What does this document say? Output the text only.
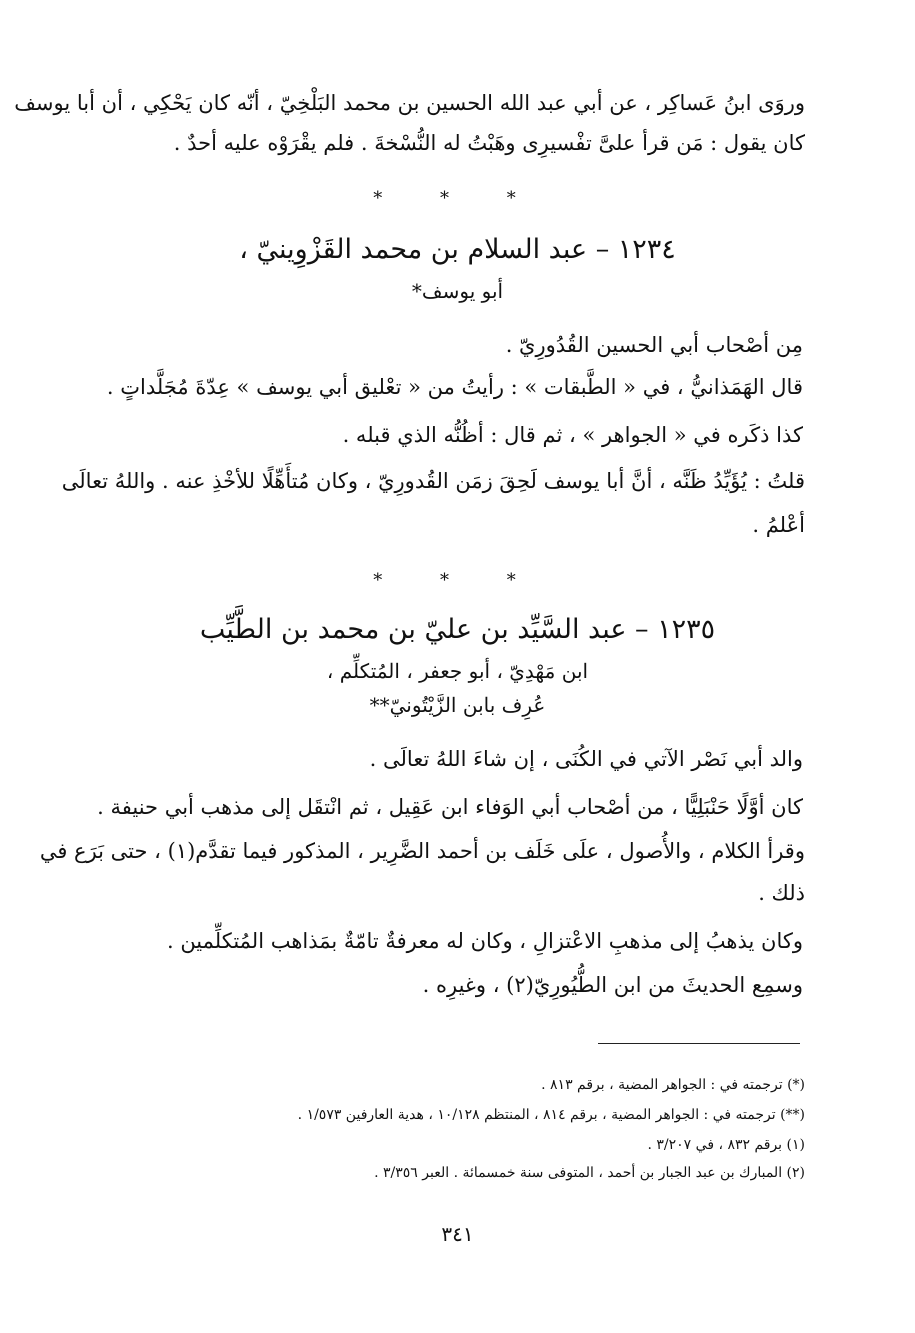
وروَى ابنُ عَساكِر ، عن أبي عبد الله الحسين بن محمد البَلْخِيّ ، أنّه كان يَحْكِي ، أن أبا يوسف
كان يقول : مَن قرأ علىَّ تفْسيرِى وهَبْتُ له النُّسْخةَ . فلم يقْرَوْه عليه أحدٌ .
* * *
١٢٣٤ – عبد السلام بن محمد القَزْوِينيّ ،
أبو يوسف*
مِن أصْحاب أبي الحسين القُدُورِيّ .
قال الهَمَذانيُّ ، في « الطَّبقات » : رأيتُ من « تعْليق أبي يوسف » عِدّةَ مُجَلَّداتٍ .
كذا ذكَره في « الجواهر » ، ثم قال : أظُنُّه الذي قبله .
قلتُ : يُؤَيِّدُ ظَنَّه ، أنَّ أبا يوسف لَحِقَ زمَن القُدورِيّ ، وكان مُتأَهِّلًا للأخْذِ عنه . واللهُ تعالَى
أعْلمُ .
* * *
١٢٣٥ – عبد السَّيِّد بن عليّ بن محمد بن الطَّيِّب
ابن مَهْدِيّ ، أبو جعفر ، المُتكلِّم ،
عُرِف بابن الزَّيْتُونيّ**
والد أبي نَصْر الآتي في الكُنَى ، إن شاءَ اللهُ تعالَى .
كان أوَّلًا حَنْبَلِيًّا ، من أصْحاب أبي الوَفاء ابن عَقِيل ، ثم انْتقَل إلى مذهب أبي حنيفة .
وقرأ الكلام ، والأُصول ، علَى خَلَف بن أحمد الضَّرِير ، المذكور فيما تقدَّم(١) ، حتى بَرَع في
ذلك .
وكان يذهبُ إلى مذهبِ الاعْتزالِ ، وكان له معرفةٌ تامّةٌ بمَذاهب المُتكلِّمين .
وسمِع الحديثَ من ابن الطُّيُورِيّ(٢) ، وغيرِه .
(*) ترجمته في : الجواهر المضية ، برقم ٨١٣ .
(**) ترجمته في : الجواهر المضية ، برقم ٨١٤ ، المنتظم ١٠/١٢٨ ، هدية العارفين ١/٥٧٣ .
(١) برقم ٨٣٢ ، في ٣/٢٠٧ .
(٢) المبارك بن عبد الجبار بن أحمد ، المتوفى سنة خمسمائة . العبر ٣/٣٥٦ .
٣٤١
